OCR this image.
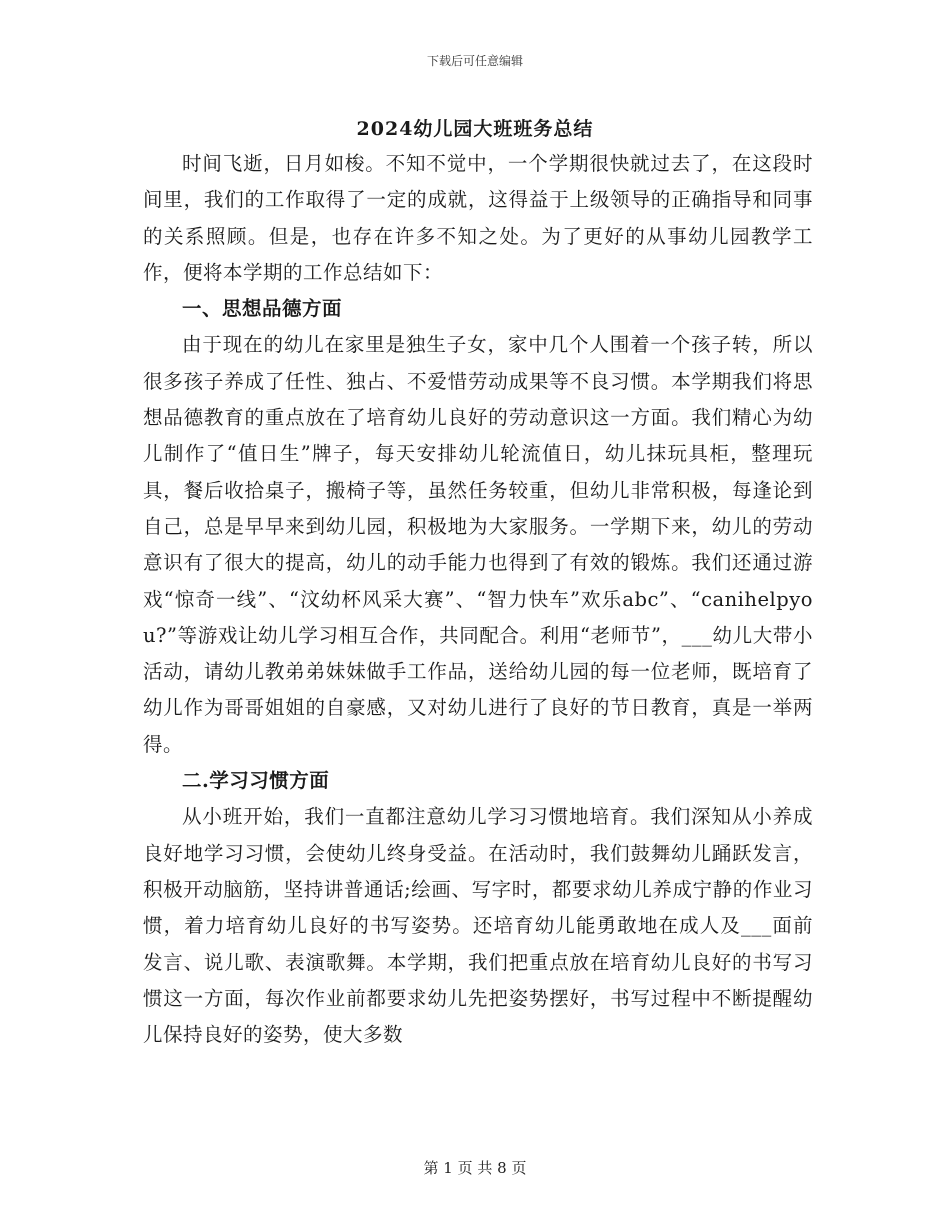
下载后可任意编辑
2024幼儿园大班班务总结

时间飞逝，日月如梭。不知不觉中，一个学期很快就过去了，在这段时间里，我们的工作取得了一定的成就，这得益于上级领导的正确指导和同事的关系照顾。但是，也存在许多不知之处。为了更好的从事幼儿园教学工作，便将本学期的工作总结如下：

一、思想品德方面

由于现在的幼儿在家里是独生子女，家中几个人围着一个孩子转，所以很多孩子养成了任性、独占、不爱惜劳动成果等不良习惯。本学期我们将思想品德教育的重点放在了培育幼儿良好的劳动意识这一方面。我们精心为幼儿制作了“值日生”牌子，每天安排幼儿轮流值日，幼儿抹玩具柜，整理玩具，餐后收拾桌子，搬椅子等，虽然任务较重，但幼儿非常积极，每逢论到自己，总是早早来到幼儿园，积极地为大家服务。一学期下来，幼儿的劳动意识有了很大的提高，幼儿的动手能力也得到了有效的锻炼。我们还通过游戏“惊奇一线”、“汶幼杯风采大赛”、“智力快车”欢乐abc”、“canihelpyou?”等游戏让幼儿学习相互合作，共同配合。利用“老师节”，___幼儿大带小活动，请幼儿教弟弟妹妹做手工作品，送给幼儿园的每一位老师，既培育了幼儿作为哥哥姐姐的自豪感，又对幼儿进行了良好的节日教育，真是一举两得。

二.学习习惯方面

从小班开始，我们一直都注意幼儿学习习惯地培育。我们深知从小养成良好地学习习惯，会使幼儿终身受益。在活动时，我们鼓舞幼儿踊跃发言，积极开动脑筋，坚持讲普通话;绘画、写字时，都要求幼儿养成宁静的作业习惯，着力培育幼儿良好的书写姿势。还培育幼儿能勇敢地在成人及___面前发言、说儿歌、表演歌舞。本学期，我们把重点放在培育幼儿良好的书写习惯这一方面，每次作业前都要求幼儿先把姿势摆好，书写过程中不断提醒幼儿保持良好的姿势，使大多数

第 1 页 共 8 页
